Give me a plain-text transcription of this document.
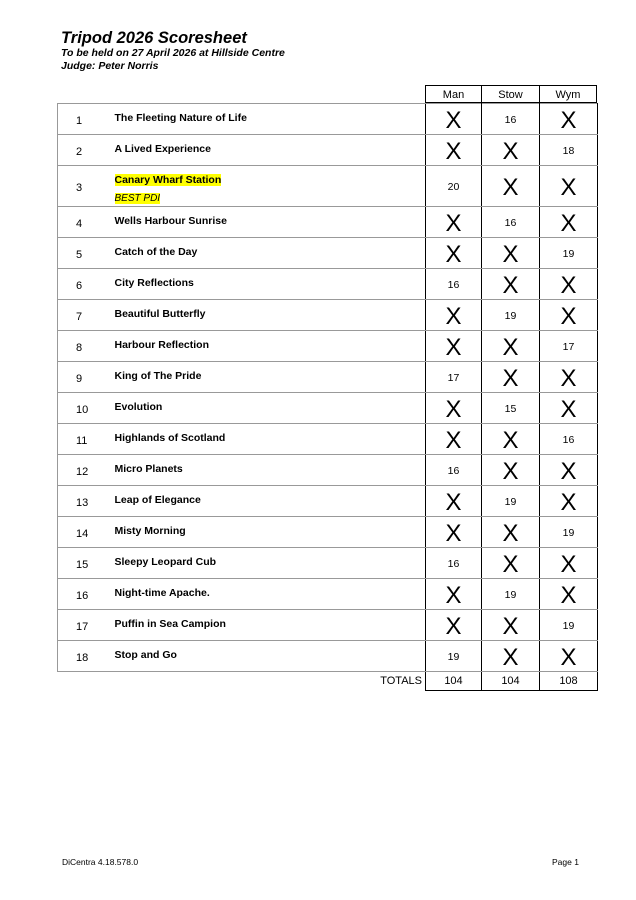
Tripod 2026 Scoresheet
To be held on 27 April 2026 at Hillside Centre
Judge: Peter Norris
Man	Stow	Wym
1	The Fleeting Nature of Life	X	16	X
2	A Lived Experience	X	X	18
3	Canary Wharf Station
BEST PDI	20	X	X
4	Wells Harbour Sunrise	X	16	X
5	Catch of the Day	X	X	19
6	City Reflections	16	X	X
7	Beautiful Butterfly	X	19	X
8	Harbour Reflection	X	X	17
9	King of The Pride	17	X	X
10	Evolution	X	15	X
11	Highlands of Scotland	X	X	16
12	Micro Planets	16	X	X
13	Leap of Elegance	X	19	X
14	Misty Morning	X	X	19
15	Sleepy Leopard Cub	16	X	X
16	Night-time Apache.	X	19	X
17	Puffin in Sea Campion	X	X	19
18	Stop and Go	19	X	X
	TOTALS	104	104	108
DiCentra 4.18.578.0	Page 1
